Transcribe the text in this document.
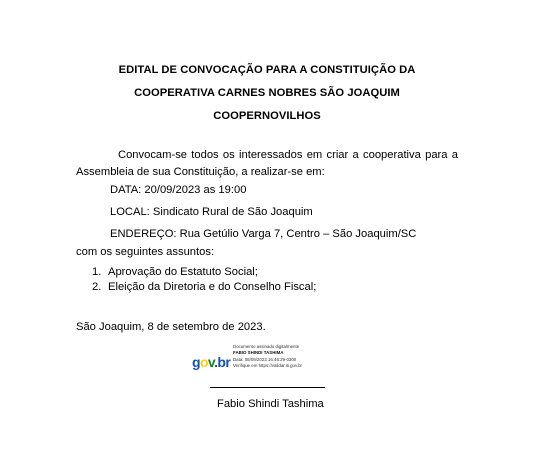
EDITAL DE CONVOCAÇÃO PARA A CONSTITUIÇÃO DA
COOPERATIVA CARNES NOBRES SÃO JOAQUIM
COOPERNOVILHOS
Convocam-se todos os interessados em criar a cooperativa para a Assembleia de sua Constituição, a realizar-se em:
DATA: 20/09/2023 as 19:00
LOCAL: Sindicato Rural de São Joaquim
ENDEREÇO: Rua Getúlio Varga 7, Centro – São Joaquim/SC
com os seguintes assuntos:
1. Aprovação do Estatuto Social;
2. Eleição da Diretoria e do Conselho Fiscal;
São Joaquim, 8 de setembro de 2023.
gov.br
Documento assinado digitalmente
FABIO SHINDI TASHIMA
Data: 08/09/2023 16:46:29-0300
Verifique em https://validar.iti.gov.br
Fabio Shindi Tashima
